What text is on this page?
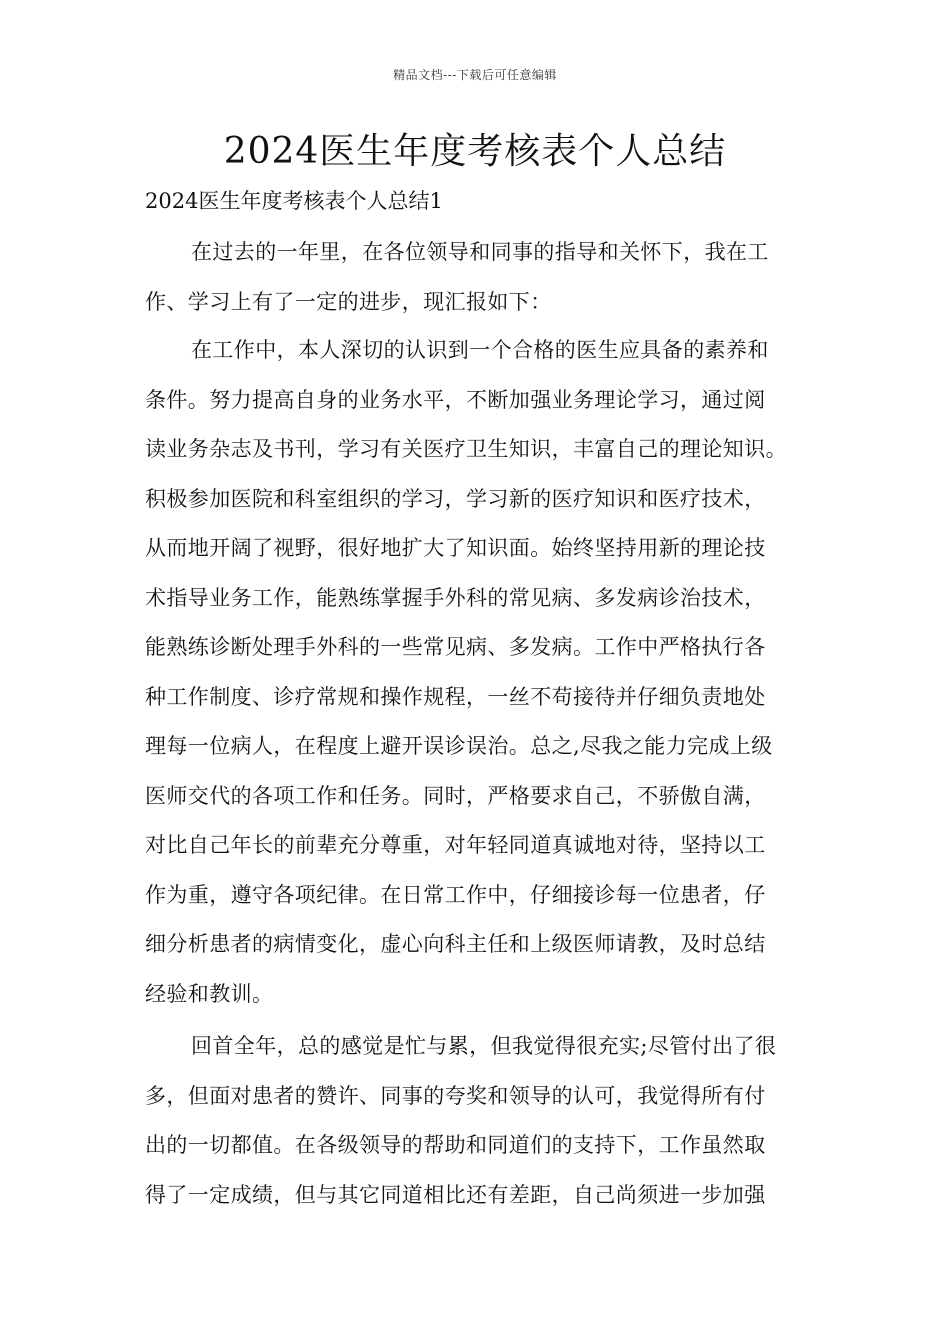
精品文档---下载后可任意编辑
2024医生年度考核表个人总结

2024医生年度考核表个人总结1

在过去的一年里，在各位领导和同事的指导和关怀下，我在工
作、学习上有了一定的进步，现汇报如下：
在工作中，本人深切的认识到一个合格的医生应具备的素养和
条件。努力提高自身的业务水平，不断加强业务理论学习，通过阅
读业务杂志及书刊，学习有关医疗卫生知识，丰富自己的理论知识。
积极参加医院和科室组织的学习，学习新的医疗知识和医疗技术，
从而地开阔了视野，很好地扩大了知识面。始终坚持用新的理论技
术指导业务工作，能熟练掌握手外科的常见病、多发病诊治技术，
能熟练诊断处理手外科的一些常见病、多发病。工作中严格执行各
种工作制度、诊疗常规和操作规程，一丝不苟接待并仔细负责地处
理每一位病人，在程度上避开误诊误治。总之,尽我之能力完成上级
医师交代的各项工作和任务。同时，严格要求自己，不骄傲自满，
对比自己年长的前辈充分尊重，对年轻同道真诚地对待，坚持以工
作为重，遵守各项纪律。在日常工作中，仔细接诊每一位患者，仔
细分析患者的病情变化，虚心向科主任和上级医师请教，及时总结
经验和教训。
回首全年，总的感觉是忙与累，但我觉得很充实;尽管付出了很
多，但面对患者的赞许、同事的夸奖和领导的认可，我觉得所有付
出的一切都值。在各级领导的帮助和同道们的支持下，工作虽然取
得了一定成绩，但与其它同道相比还有差距，自己尚须进一步加强
